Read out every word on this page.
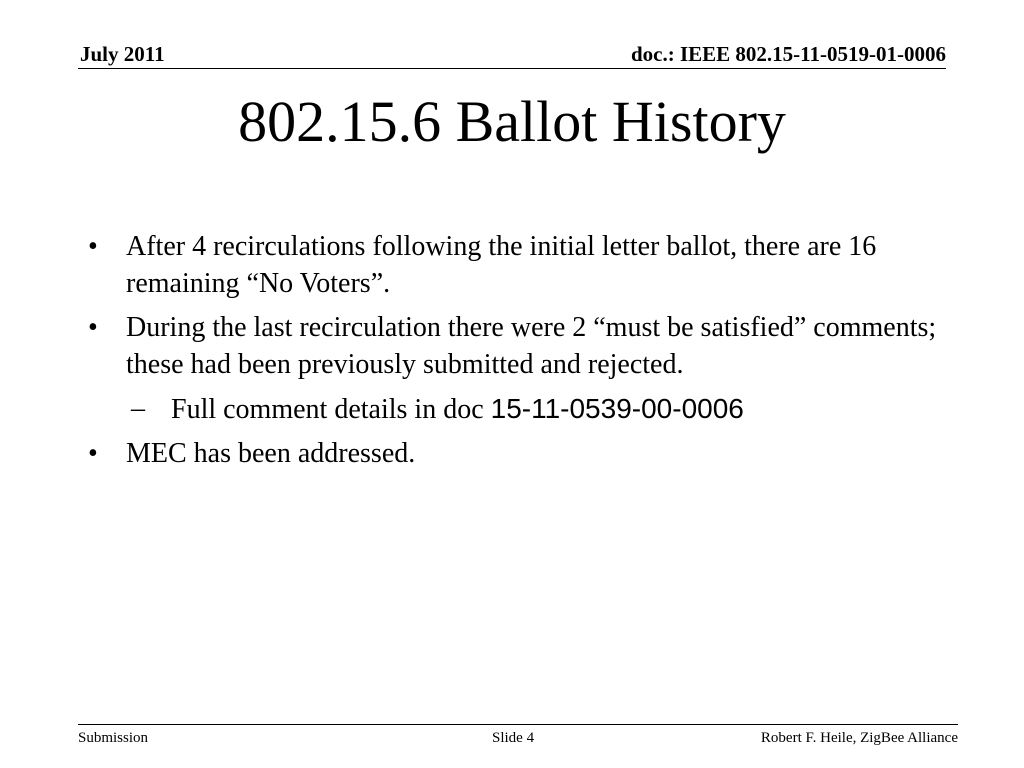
July 2011	doc.: IEEE 802.15-11-0519-01-0006
802.15.6 Ballot History
• After 4 recirculations following the initial letter ballot, there are 16 remaining “No Voters”.
• During the last recirculation there were 2 “must be satisfied” comments; these had been previously submitted and rejected.
– Full comment details in doc 15-11-0539-00-0006
• MEC has been addressed.
Submission	Slide 4	Robert F. Heile, ZigBee Alliance
